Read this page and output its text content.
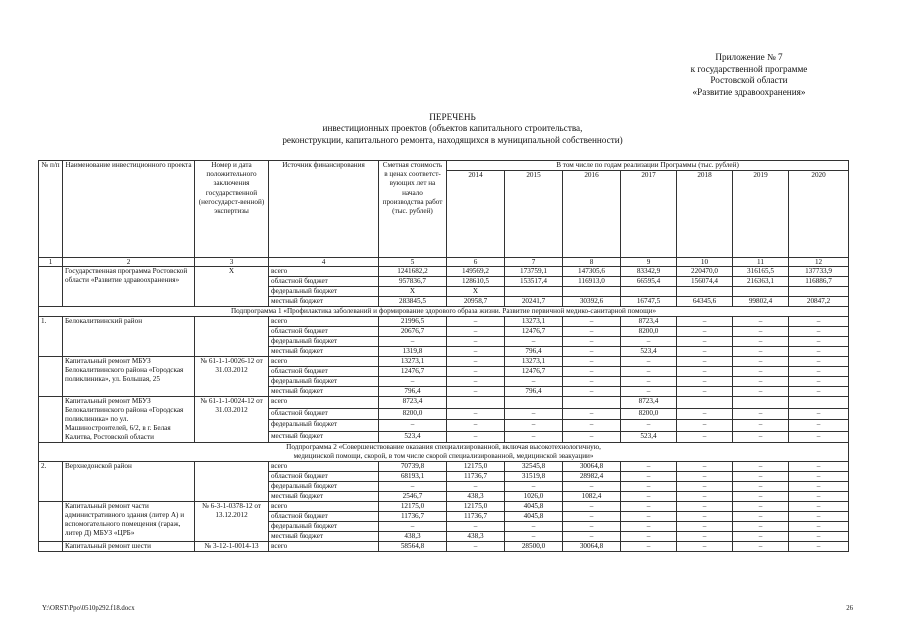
Приложение № 7
к государственной программе
Ростовской области
«Развитие здравоохранения»
ПЕРЕЧЕНЬ
инвестиционных проектов (объектов капитального строительства,
реконструкции, капитального ремонта, находящихся в муниципальной собственности)
№ п/п	Наименование инвестиционного проекта	Номер и дата положительного заключения государственной (негосударст-венной) экспертизы	Источник финансирования	Сметная стоимость в ценах соответст-вующих лет на начало производства работ (тыс. рублей)	В том числе по годам реализации Программы (тыс. рублей)						
					2014	2015	2016	2017	2018	2019	2020
1	2	3	4	5	6	7	8	9	10	11	12
	Государственная программа Ростовской области «Развитие здравоохранения»	X	всего	1241682,2	149569,2	173759,1	147305,6	83342,9	220470,0	316165,5	137733,9
			областной бюджет	957836,7	128610,5	153517,4	116913,0	66595,4	156074,4	216363,1	116886,7
			федеральный бюджет	X	X						
			местный бюджет	283845,5	20958,7	20241,7	30392,6	16747,5	64345,6	99802,4	20847,2

Подпрограмма 1 «Профилактика заболеваний и формирование здорового образа жизни. Развитие первичной медико-санитарной помощи»											

1.	Белокалитвинский район		всего	21996,5	–	13273,1	–	8723,4	–	–	–
			областной бюджет	20676,7	–	12476,7	–	8200,0	–	–	–
			федеральный бюджет	–	–	–	–	–	–	–	–
			местный бюджет	1319,8	–	796,4	–	523,4	–	–	–
	Капитальный ремонт МБУЗ Белокалитвинского района «Городская поликлиника», ул. Большая, 25	№ 61-1-1-0026-12 от 31.03.2012	всего	13273,1	–	13273,1	–	–	–	–	–
			областной бюджет	12476,7	–	12476,7	–	–	–	–	–
			федеральный бюджет	–	–	–	–	–	–	–	–
			местный бюджет	796,4	–	796,4	–	–	–	–	–
	Капитальный ремонт МБУЗ Белокалитвинского района «Городская поликлиника» по ул. Машиностроителей, 6/2, в г. Белая Калитва, Ростовской области	№ 61-1-1-0024-12 от 31.03.2012	всего	8723,4				8723,4			
			областной бюджет	8200,0	–	–	–	8200,0	–	–	–
			федеральный бюджет	–	–	–	–	–	–	–	–
			местный бюджет	523,4	–	–	–	523,4	–	–	–

Подпрограмма 2 «Совершенствование оказания специализированной, включая высокотехнологичную,
медицинской помощи, скорой, в том числе скорой специализированной, медицинской эвакуации»											

2.	Верхнедонской район		всего	70739,8	12175,0	32545,8	30064,8	–	–	–	–
			областной бюджет	68193,1	11736,7	31519,8	28982,4	–	–	–	–
			федеральный бюджет	–	–	–	–	–	–	–	–
			местный бюджет	2546,7	438,3	1026,0	1082,4	–	–	–	–
	Капитальный ремонт части административного здания (литер А) и вспомогательного помещения (гараж, литер Д) МБУЗ «ЦРБ»	№ 6-3-1-0378-12 от 13.12.2012	всего	12175,0	12175,0	4045,8	–	–	–	–	–
			областной бюджет	11736,7	11736,7	4045,8	–	–	–	–	–
			федеральный бюджет	–	–	–	–	–	–	–	–
			местный бюджет	438,3	438,3	–	–	–	–	–	–
	Капитальный ремонт шести	№ 3-12-1-0014-13	всего	58564,8	–	28500,0	30064,8	–	–	–	–
Y:\ORST\Ppo\0510p292.f18.docx	26
